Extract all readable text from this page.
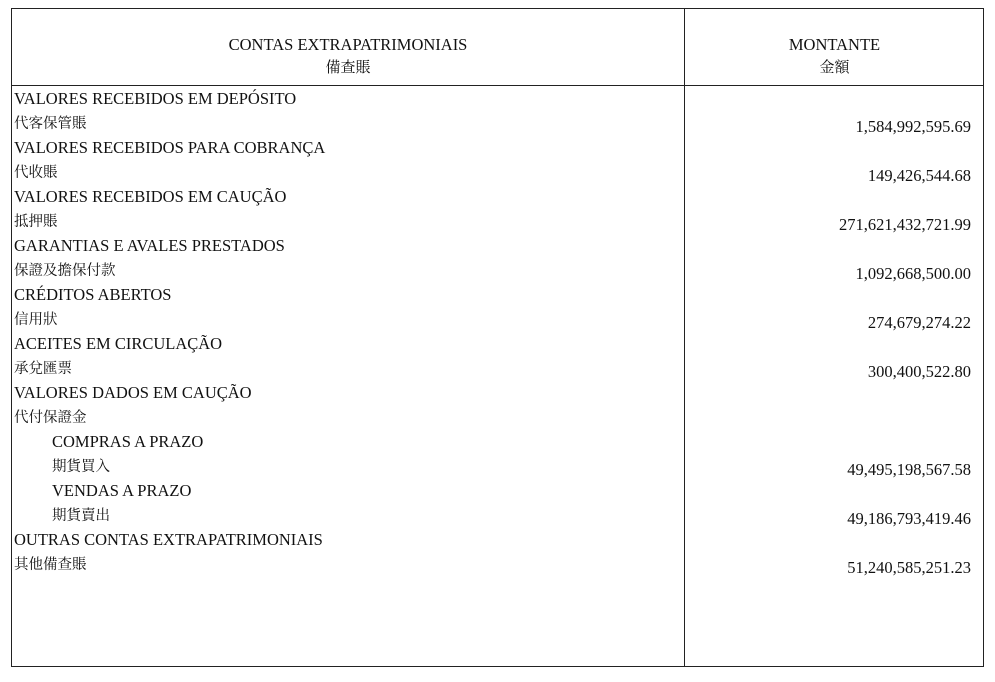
CONTAS EXTRAPATRIMONIAIS
備查賬
MONTANTE
金額
VALORES RECEBIDOS EM DEPÓSITO
代客保管賬	1,584,992,595.69
VALORES RECEBIDOS PARA COBRANÇA
代收賬	149,426,544.68
VALORES RECEBIDOS EM CAUÇÃO
抵押賬	271,621,432,721.99
GARANTIAS E AVALES PRESTADOS
保證及擔保付款	1,092,668,500.00
CRÉDITOS ABERTOS
信用狀	274,679,274.22
ACEITES EM CIRCULAÇÃO
承兌匯票	300,400,522.80
VALORES DADOS EM CAUÇÃO
代付保證金
COMPRAS A PRAZO
期貨買入	49,495,198,567.58
VENDAS A PRAZO
期貨賣出	49,186,793,419.46
OUTRAS CONTAS EXTRAPATRIMONIAIS
其他備查賬	51,240,585,251.23
